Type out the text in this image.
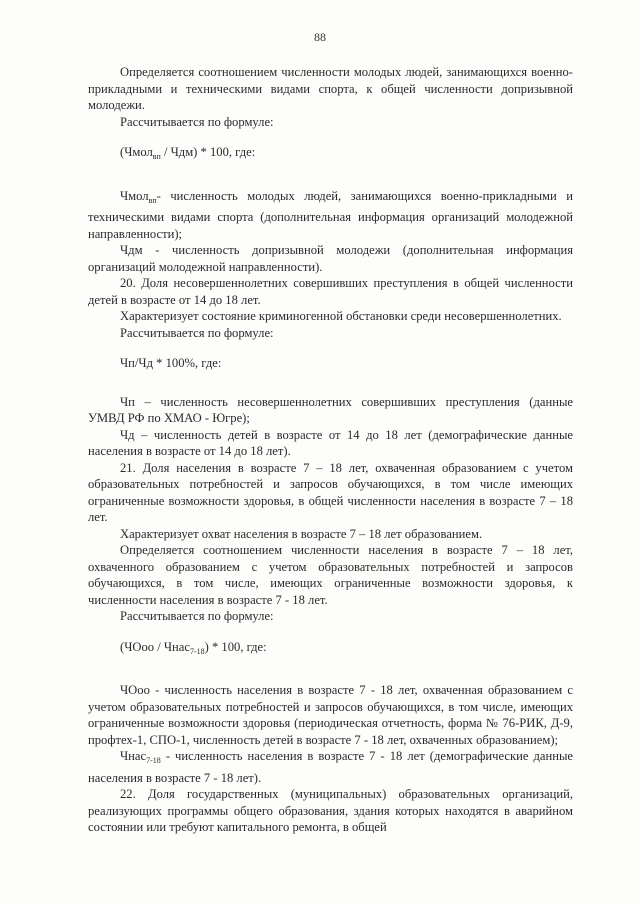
88

Определяется соотношением численности молодых людей, занимающихся военно-прикладными и техническими видами спорта, к общей численности допризывной молодежи.

Рассчитывается по формуле:

(Чмол$_{вп}$ / Чдм) * 100, где:

Чмол$_{вп}$- численность молодых людей, занимающихся военно-прикладными и техническими видами спорта (дополнительная информация организаций молодежной направленности);

Чдм - численность допризывной молодежи (дополнительная информация организаций молодежной направленности).

20. Доля несовершеннолетних совершивших преступления в общей численности детей в возрасте от 14 до 18 лет.

Характеризует состояние криминогенной обстановки среди несовершеннолетних.

Рассчитывается по формуле:

Чп/Чд * 100%, где:

Чп – численность несовершеннолетних совершивших преступления (данные УМВД РФ по ХМАО - Югре);

Чд – численность детей в возрасте от 14 до 18 лет (демографические данные населения в возрасте от 14 до 18 лет).

21. Доля населения в возрасте 7 – 18 лет, охваченная образованием с учетом образовательных потребностей и запросов обучающихся, в том числе имеющих ограниченные возможности здоровья, в общей численности населения в возрасте 7 – 18 лет.

Характеризует охват населения в возрасте 7 – 18 лет образованием.

Определяется соотношением численности населения в возрасте 7 – 18 лет, охваченного образованием с учетом образовательных потребностей и запросов обучающихся, в том числе, имеющих ограниченные возможности здоровья, к численности населения в возрасте 7 - 18 лет.

Рассчитывается по формуле:

(ЧОоо / Чнас$_{7-18}$) * 100, где:

ЧОоо - численность населения в возрасте 7 - 18 лет, охваченная образованием с учетом образовательных потребностей и запросов обучающихся, в том числе, имеющих ограниченные возможности здоровья (периодическая отчетность, форма № 76-РИК, Д-9, профтех-1, СПО-1, численность детей в возрасте 7 - 18 лет, охваченных образованием);

Чнас$_{7-18}$ - численность населения в возрасте 7 - 18 лет (демографические данные населения в возрасте 7 - 18 лет).

22. Доля государственных (муниципальных) образовательных организаций, реализующих программы общего образования, здания которых находятся в аварийном состоянии или требуют капитального ремонта, в общей
